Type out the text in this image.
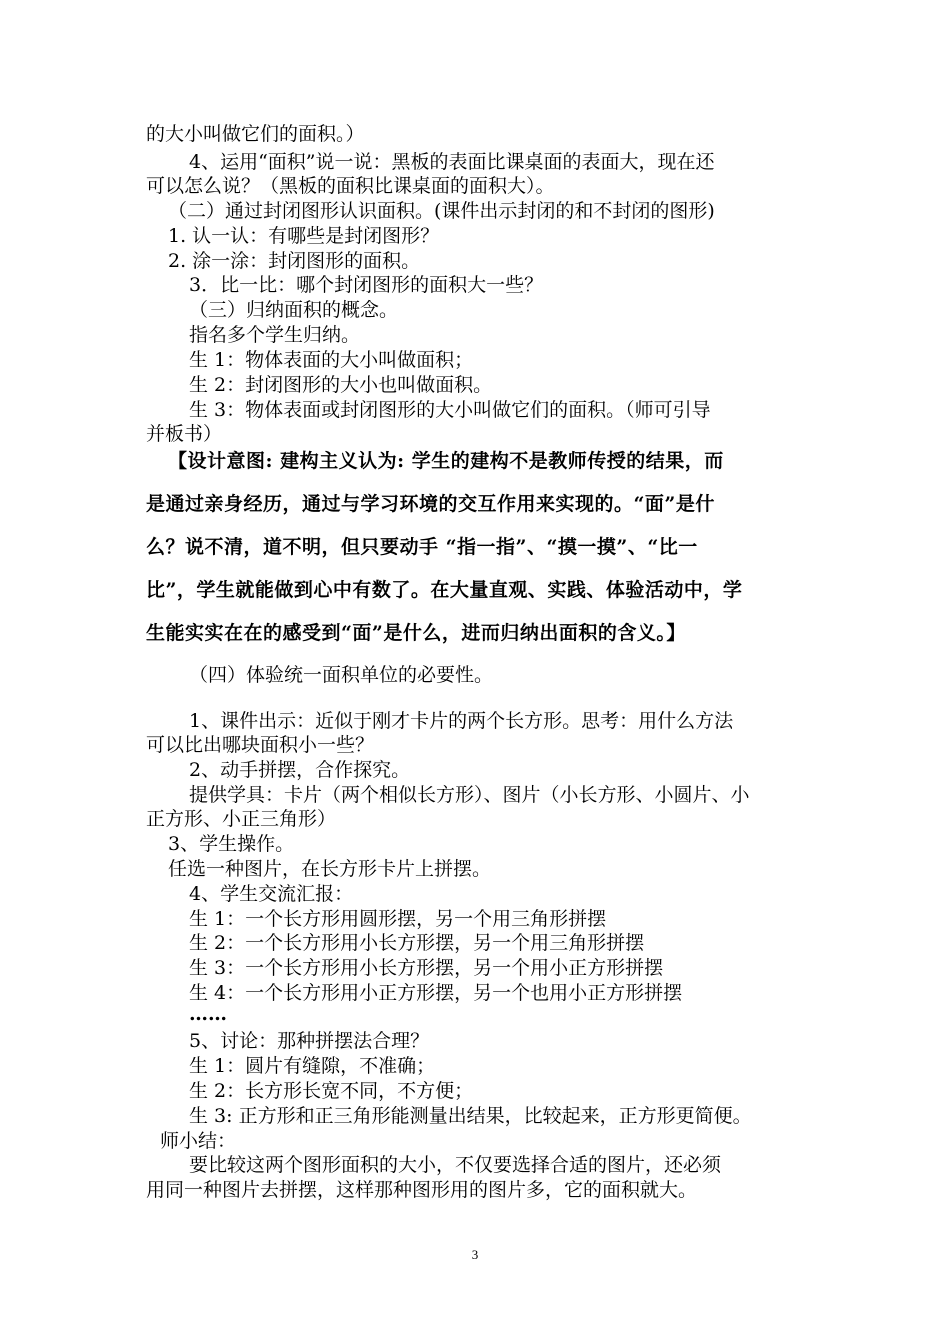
的大小叫做它们的面积。）
4、运用“面积”说一说：黑板的表面比课桌面的表面大，现在还
可以怎么说？（黑板的面积比课桌面的面积大）。
（二）通过封闭图形认识面积。(课件出示封闭的和不封闭的图形)
1. 认一认：有哪些是封闭图形？
2. 涂一涂：封闭图形的面积。
3．比一比：哪个封闭图形的面积大一些？
（三）归纳面积的概念。
指名多个学生归纳。
生 1：物体表面的大小叫做面积；
生 2：封闭图形的大小也叫做面积。
生 3：物体表面或封闭图形的大小叫做它们的面积。（师可引导
并板书）
【设计意图: 建构主义认为: 学生的建构不是教师传授的结果，而
是通过亲身经历，通过与学习环境的交互作用来实现的。“面”是什
么？说不清，道不明，但只要动手 “指一指”、“摸一摸”、“比一
比”，学生就能做到心中有数了。在大量直观、实践、体验活动中，学
生能实实在在的感受到“面”是什么，进而归纳出面积的含义。】
（四）体验统一面积单位的必要性。
1、课件出示：近似于刚才卡片的两个长方形。思考：用什么方法
可以比出哪块面积小一些？
2、动手拼摆，合作探究。
提供学具：卡片（两个相似长方形）、图片（小长方形、小圆片、小
正方形、小正三角形）
3、学生操作。
任选一种图片，在长方形卡片上拼摆。
4、学生交流汇报：
生 1：一个长方形用圆形摆，另一个用三角形拼摆
生 2：一个长方形用小长方形摆，另一个用三角形拼摆
生 3：一个长方形用小长方形摆，另一个用小正方形拼摆
生 4：一个长方形用小正方形摆，另一个也用小正方形拼摆
……
5、讨论：那种拼摆法合理？
生 1：圆片有缝隙，不准确；
生 2：长方形长宽不同，不方便；
生 3: 正方形和正三角形能测量出结果，比较起来，正方形更简便。
师小结：
要比较这两个图形面积的大小，不仅要选择合适的图片，还必须
用同一种图片去拼摆，这样那种图形用的图片多，它的面积就大。
3
